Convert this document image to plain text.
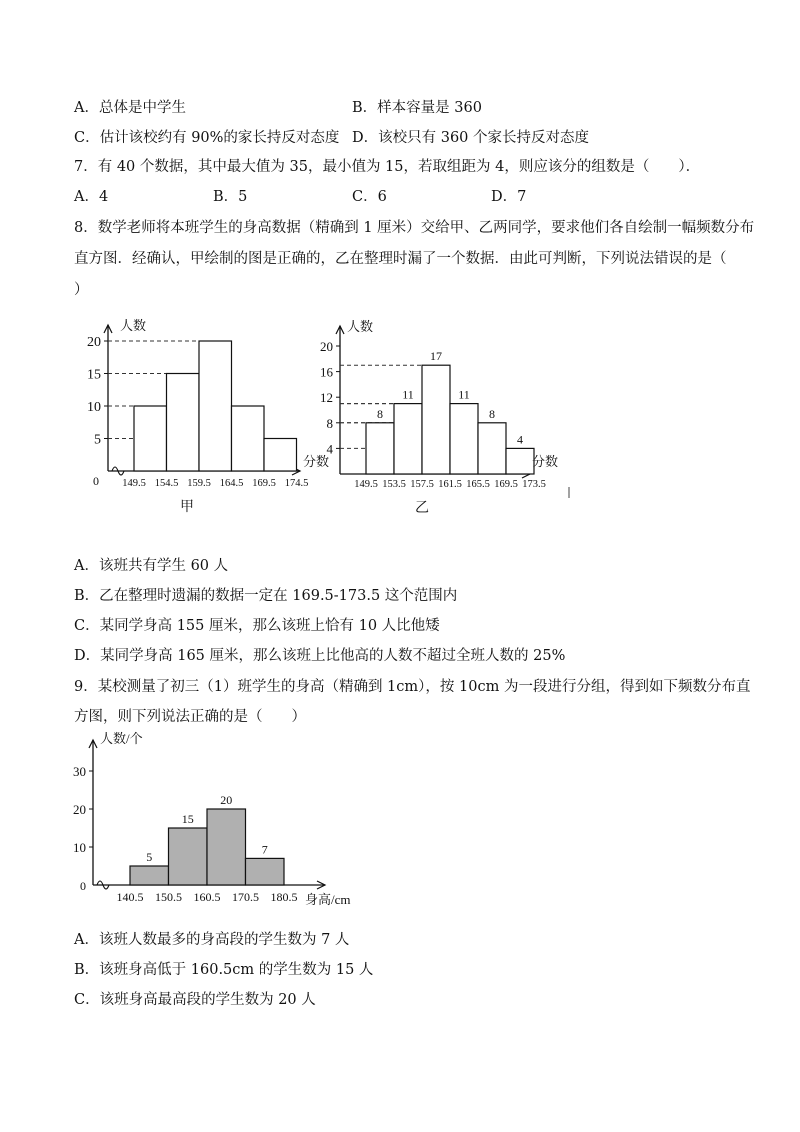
A．总体是中学生	B．样本容量是 360
C．估计该校约有 90%的家长持反对态度 D．该校只有 360 个家长持反对态度
7．有 40 个数据，其中最大值为 35，最小值为 15，若取组距为 4，则应该分的组数是（　　）．
A．4	B．5	C．6	D．7
8．数学老师将本班学生的身高数据（精确到 1 厘米）交给甲、乙两同学，要求他们各自绘制一幅频数分布
直方图．经确认，甲绘制的图是正确的，乙在整理时漏了一个数据．由此可判断，下列说法错误的是（
）
5
10
15
20
149.5 154.5 159.5 164.5 169.5 174.5
人数
分数
0
甲
4
8
12
16
20
8
11
17
11
8
4
149.5 153.5 157.5 161.5 165.5 169.5 173.5
人数
分数
乙
A．该班共有学生 60 人
B．乙在整理时遗漏的数据一定在 169.5-173.5 这个范围内
C．某同学身高 155 厘米，那么该班上恰有 10 人比他矮
D．某同学身高 165 厘米，那么该班上比他高的人数不超过全班人数的 25%
9．某校测量了初三（1）班学生的身高（精确到 1cm），按 10cm 为一段进行分组，得到如下频数分布直
方图，则下列说法正确的是（　　）
10
20
30
5
15
20
7
140.5 150.5 160.5 170.5 180.5
人数/个
身高/cm
0
A．该班人数最多的身高段的学生数为 7 人
B．该班身高低于 160.5cm 的学生数为 15 人
C．该班身高最高段的学生数为 20 人
